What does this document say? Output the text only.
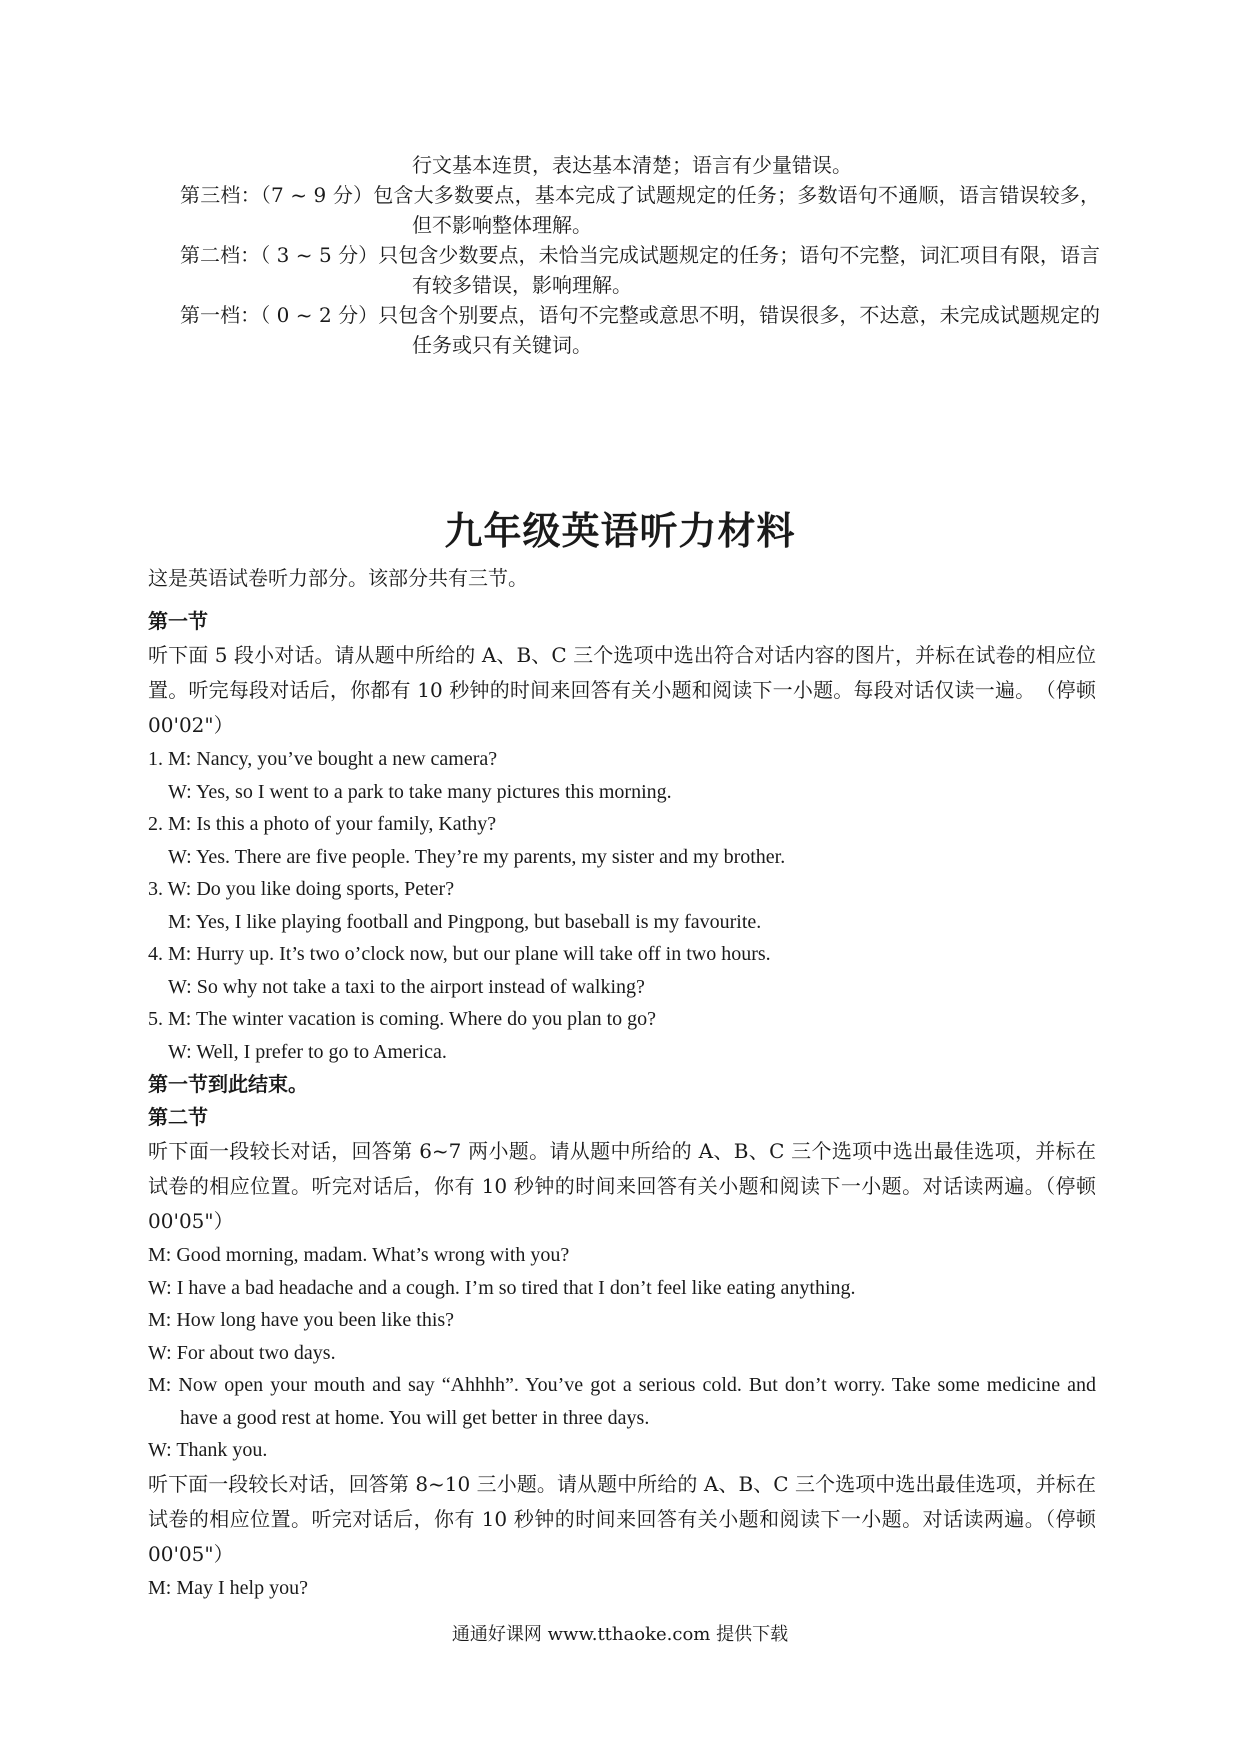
行文基本连贯，表达基本清楚；语言有少量错误。
第三档：（7 ~ 9 分）包含大多数要点，基本完成了试题规定的任务；多数语句不通顺，语言错误较多，但不影响整体理解。
第二档：（ 3 ~ 5 分）只包含少数要点，未恰当完成试题规定的任务；语句不完整，词汇项目有限，语言有较多错误，影响理解。
第一档：（ 0 ~ 2 分）只包含个别要点，语句不完整或意思不明，错误很多，不达意，未完成试题规定的任务或只有关键词。
九年级英语听力材料

这是英语试卷听力部分。该部分共有三节。

第一节

听下面 5 段小对话。请从题中所给的 A、B、C 三个选项中选出符合对话内容的图片，并标在试卷的相应位置。听完每段对话后，你都有 10 秒钟的时间来回答有关小题和阅读下一小题。每段对话仅读一遍。　（停顿 00'02"）

1. M: Nancy, you’ve bought a new camera?

W: Yes, so I went to a park to take many pictures this morning.

2. M: Is this a photo of your family, Kathy?

W: Yes. There are five people. They’re my parents, my sister and my brother.

3. W: Do you like doing sports, Peter?

M: Yes, I like playing football and Pingpong, but baseball is my favourite.

4. M: Hurry up. It’s two o’clock now, but our plane will take off in two hours.

W: So why not take a taxi to the airport instead of walking?

5. M: The winter vacation is coming. Where do you plan to go?

W: Well, I prefer to go to America.

第一节到此结束。

第二节

听下面一段较长对话，回答第 6~7 两小题。请从题中所给的 A、B、C 三个选项中选出最佳选项，并标在试卷的相应位置。听完对话后，你有 10 秒钟的时间来回答有关小题和阅读下一小题。对话读两遍。（停顿 00'05"）

M: Good morning, madam. What’s wrong with you?

W: I have a bad headache and a cough. I’m so tired that I don’t feel like eating anything.

M: How long have you been like this?

W: For about two days.

M: Now open your mouth and say “Ahhhh”. You’ve got a serious cold. But don’t worry. Take some medicine and have a good rest at home. You will get better in three days.

W: Thank you.

听下面一段较长对话，回答第 8~10 三小题。请从题中所给的 A、B、C 三个选项中选出最佳选项，并标在试卷的相应位置。听完对话后，你有 10 秒钟的时间来回答有关小题和阅读下一小题。对话读两遍。（停顿 00'05"）

M: May I help you?

通通好课网 www.tthaoke.com 提供下载
